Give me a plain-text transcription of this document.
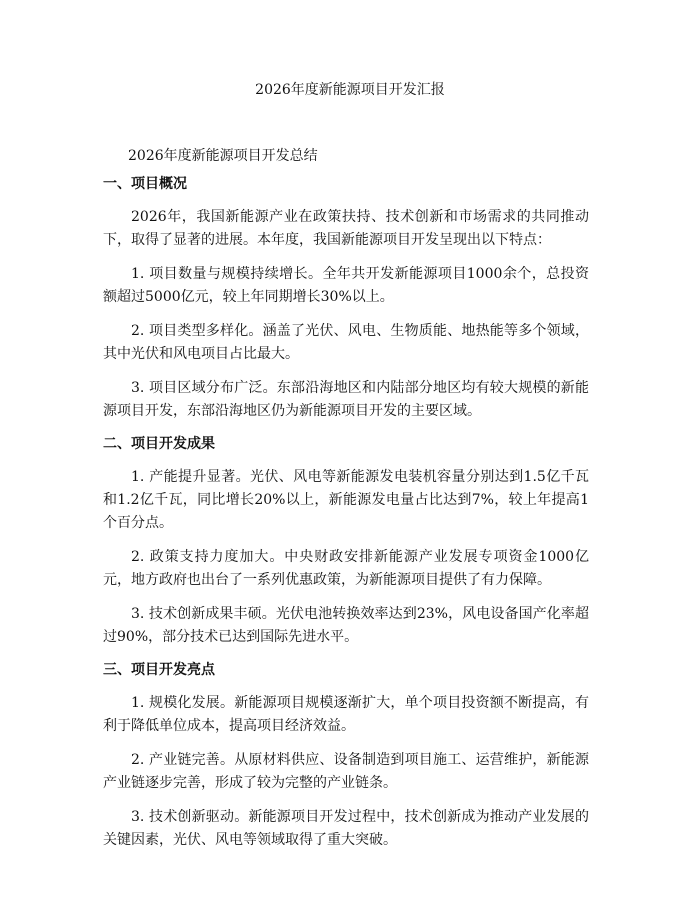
2026年度新能源项目开发汇报
2026年度新能源项目开发总结
一、项目概况

2026年，我国新能源产业在政策扶持、技术创新和市场需求的共同推动下，取得了显著的进展。本年度，我国新能源项目开发呈现出以下特点：

1. 项目数量与规模持续增长。全年共开发新能源项目1000余个，总投资额超过5000亿元，较上年同期增长30%以上。

2. 项目类型多样化。涵盖了光伏、风电、生物质能、地热能等多个领域，其中光伏和风电项目占比最大。

3. 项目区域分布广泛。东部沿海地区和内陆部分地区均有较大规模的新能源项目开发，东部沿海地区仍为新能源项目开发的主要区域。

二、项目开发成果

1. 产能提升显著。光伏、风电等新能源发电装机容量分别达到1.5亿千瓦和1.2亿千瓦，同比增长20%以上，新能源发电量占比达到7%，较上年提高1个百分点。

2. 政策支持力度加大。中央财政安排新能源产业发展专项资金1000亿元，地方政府也出台了一系列优惠政策，为新能源项目提供了有力保障。

3. 技术创新成果丰硕。光伏电池转换效率达到23%，风电设备国产化率超过90%，部分技术已达到国际先进水平。

三、项目开发亮点

1. 规模化发展。新能源项目规模逐渐扩大，单个项目投资额不断提高，有利于降低单位成本，提高项目经济效益。

2. 产业链完善。从原材料供应、设备制造到项目施工、运营维护，新能源产业链逐步完善，形成了较为完整的产业链条。

3. 技术创新驱动。新能源项目开发过程中，技术创新成为推动产业发展的关键因素，光伏、风电等领域取得了重大突破。
